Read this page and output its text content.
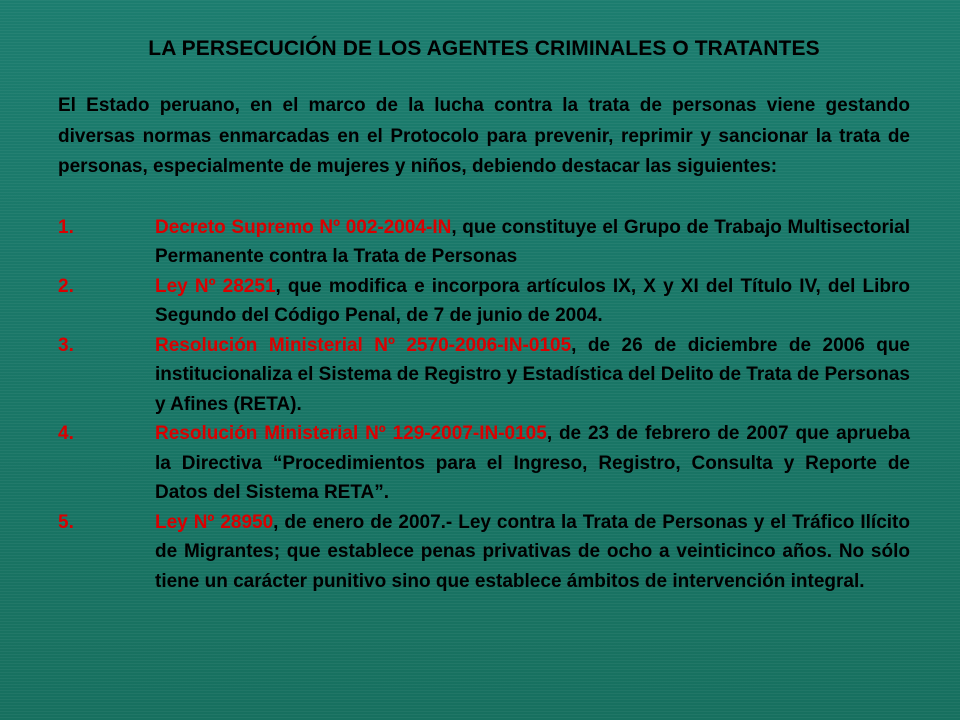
LA PERSECUCIÓN DE LOS AGENTES CRIMINALES O TRATANTES
El Estado peruano, en el marco de la lucha contra la trata de personas viene gestando diversas normas enmarcadas en el Protocolo para prevenir, reprimir y sancionar la trata de personas, especialmente de mujeres y niños, debiendo destacar las siguientes:
1.	Decreto Supremo Nº 002-2004-IN, que constituye el Grupo de Trabajo Multisectorial Permanente contra la Trata de Personas
2.	Ley Nº 28251, que modifica e incorpora artículos IX, X y XI del Título IV, del Libro Segundo del Código Penal, de 7 de junio de 2004.
3.	Resolución Ministerial Nº 2570-2006-IN-0105, de 26 de diciembre de 2006 que institucionaliza el Sistema de Registro y Estadística del Delito de Trata de Personas y Afines (RETA).
4.	Resolución Ministerial Nº 129-2007-IN-0105, de 23 de febrero de 2007 que aprueba la Directiva “Procedimientos para el Ingreso, Registro, Consulta y Reporte de Datos del Sistema RETA”.
5.	Ley Nº 28950, de enero de 2007.- Ley contra la Trata de Personas y el Tráfico Ilícito de Migrantes; que establece penas privativas de ocho a veinticinco años. No sólo tiene un carácter punitivo sino que establece ámbitos de intervención integral.
